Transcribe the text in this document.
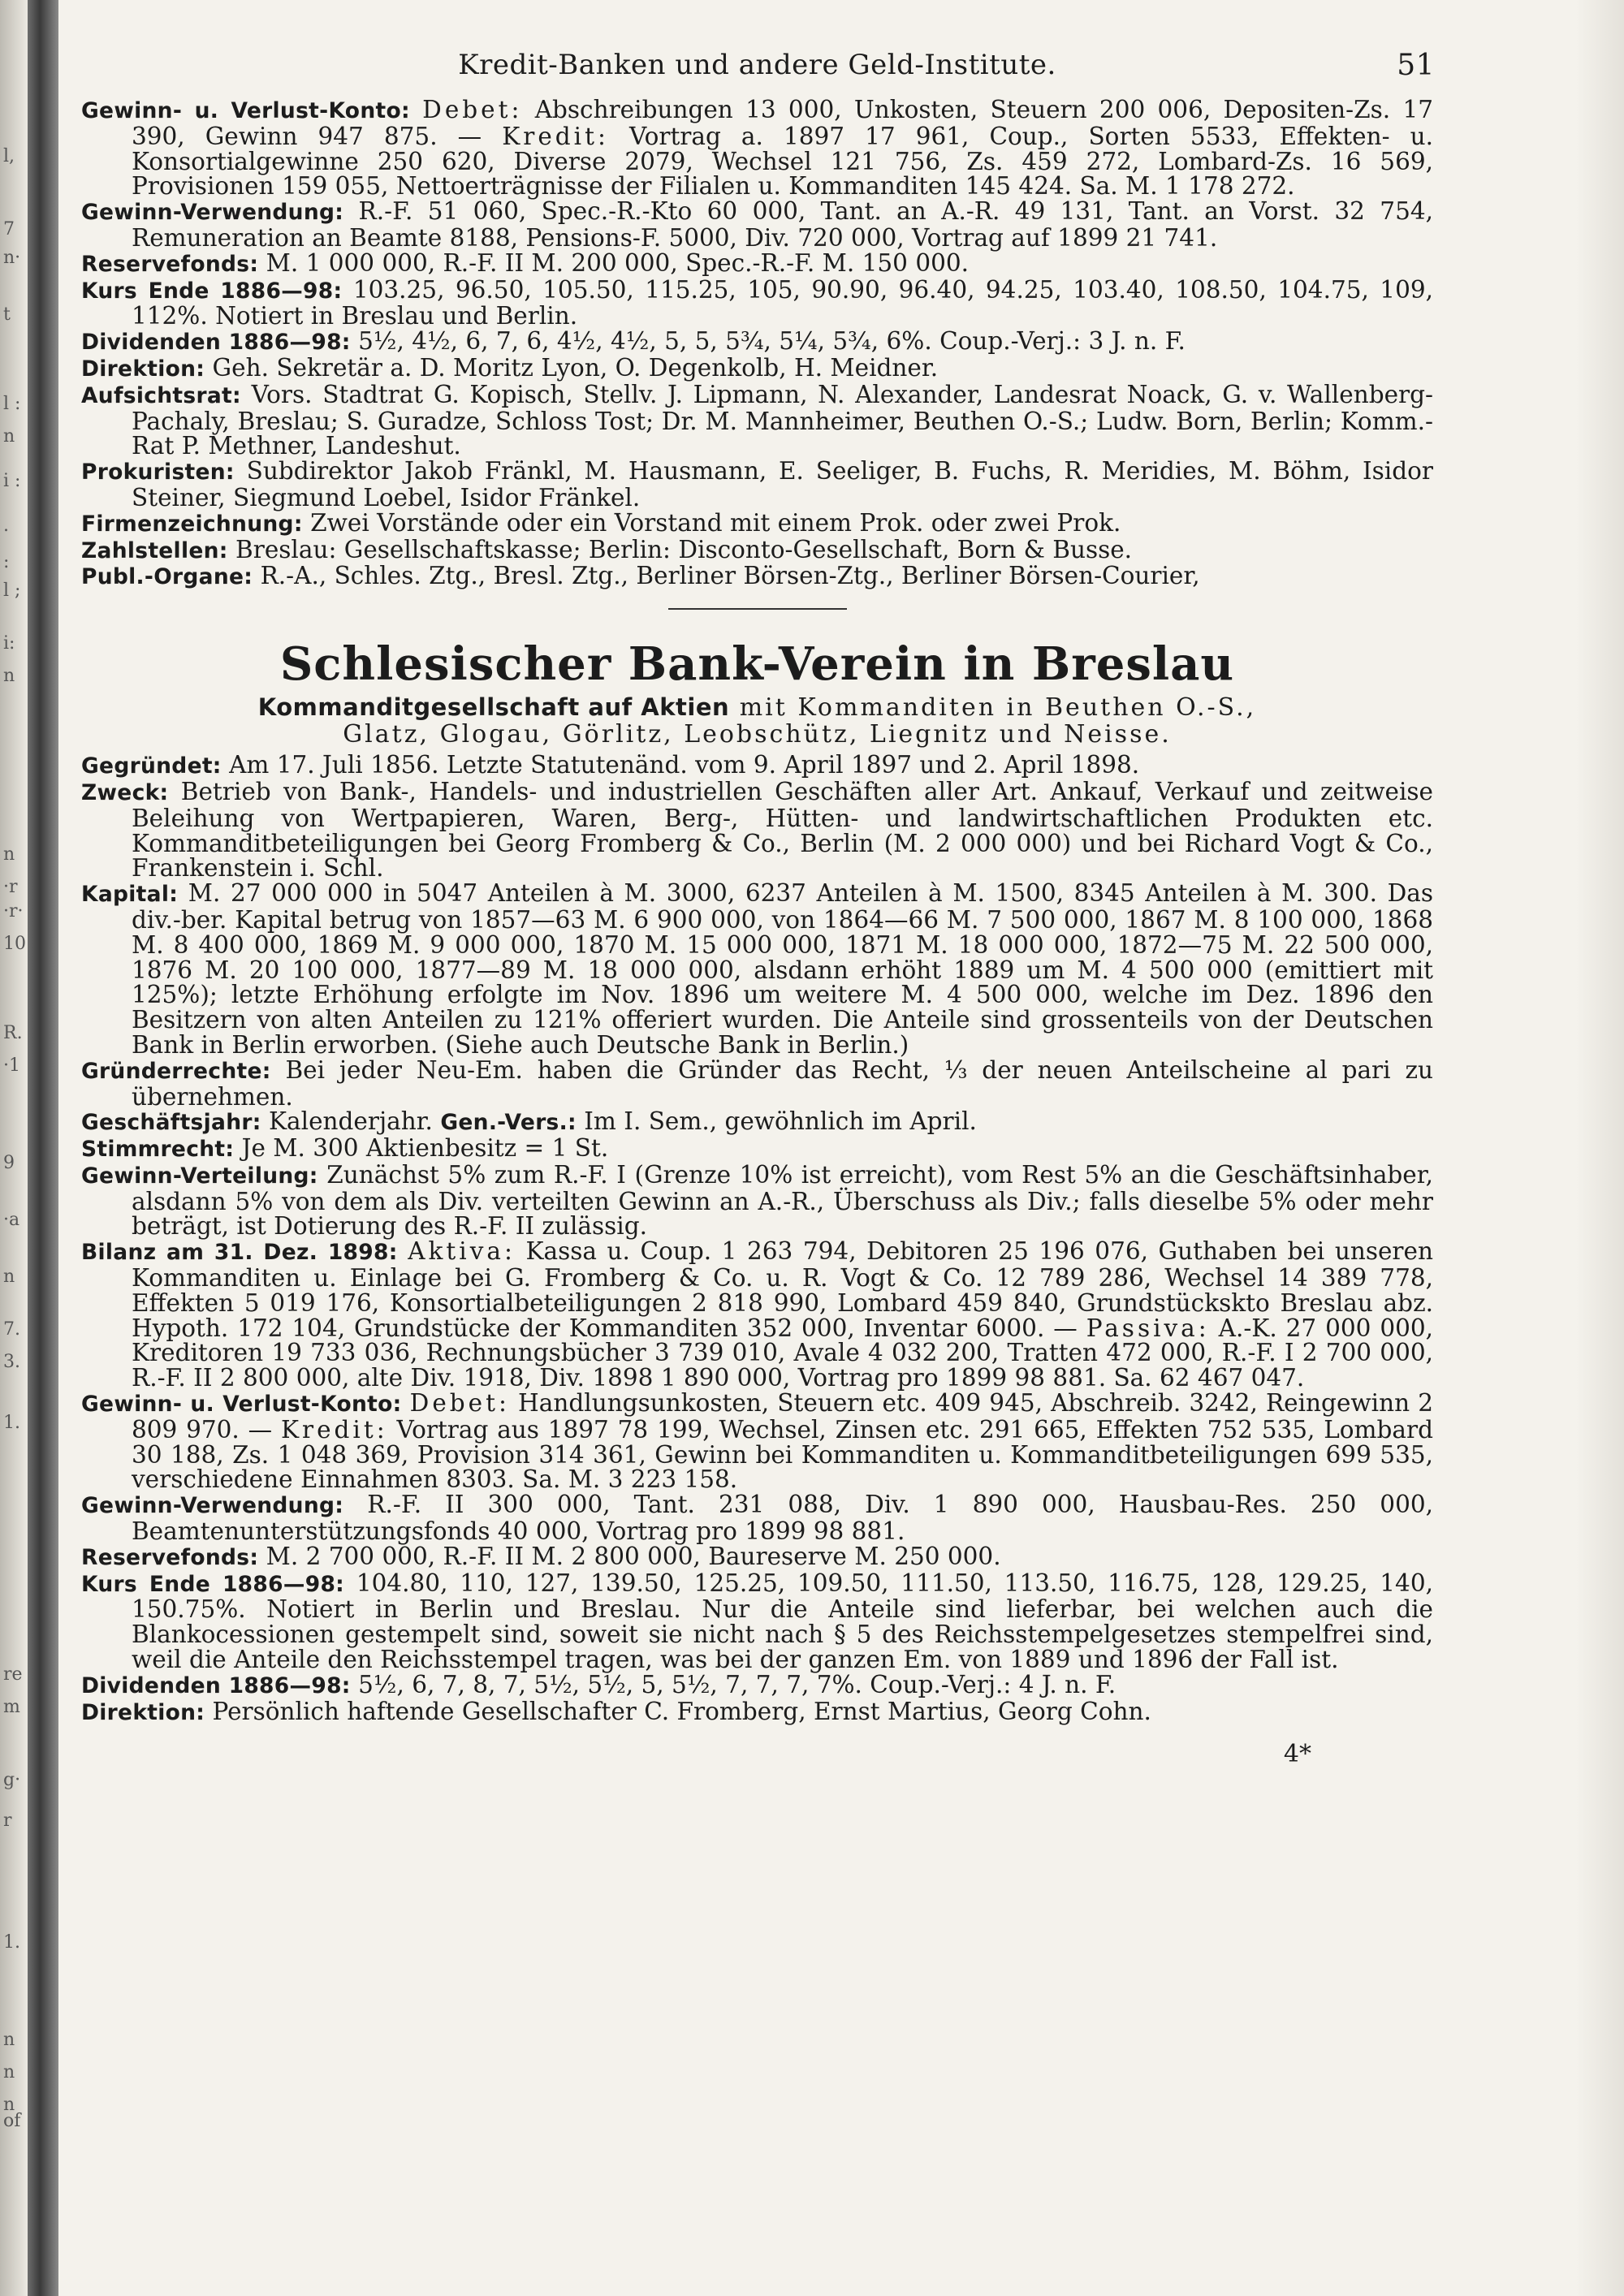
l,
7
n·
t
l :
n
i :
.
:
l ;
i:
n
n
·r
·r·
10
R.
·1
9
·a
n
7.
3.
1.
re
m
g·
r
1.
n
n
n
of
Kredit-Banken und andere Geld-Institute.	51

Gewinn- u. Verlust-Konto: Debet: Abschreibungen 13 000, Unkosten, Steuern 200 006, Depositen-Zs. 17 390, Gewinn 947 875. — Kredit: Vortrag a. 1897 17 961, Coup., Sorten 5533, Effekten- u. Konsortialgewinne 250 620, Diverse 2079, Wechsel 121 756, Zs. 459 272, Lombard-Zs. 16 569, Provisionen 159 055, Nettoerträgnisse der Filialen u. Kommanditen 145 424. Sa. M. 1 178 272.

Gewinn-Verwendung: R.-F. 51 060, Spec.-R.-Kto 60 000, Tant. an A.-R. 49 131, Tant. an Vorst. 32 754, Remuneration an Beamte 8188, Pensions-F. 5000, Div. 720 000, Vortrag auf 1899 21 741.

Reservefonds: M. 1 000 000, R.-F. II M. 200 000, Spec.-R.-F. M. 150 000.

Kurs Ende 1886—98: 103.25, 96.50, 105.50, 115.25, 105, 90.90, 96.40, 94.25, 103.40, 108.50, 104.75, 109, 112%. Notiert in Breslau und Berlin.

Dividenden 1886—98: 5½, 4½, 6, 7, 6, 4½, 4½, 5, 5, 5¾, 5¼, 5¾, 6%. Coup.-Verj.: 3 J. n. F.

Direktion: Geh. Sekretär a. D. Moritz Lyon, O. Degenkolb, H. Meidner.

Aufsichtsrat: Vors. Stadtrat G. Kopisch, Stellv. J. Lipmann, N. Alexander, Landesrat Noack, G. v. Wallenberg-Pachaly, Breslau; S. Guradze, Schloss Tost; Dr. M. Mannheimer, Beuthen O.-S.; Ludw. Born, Berlin; Komm.-Rat P. Methner, Landeshut.

Prokuristen: Subdirektor Jakob Fränkl, M. Hausmann, E. Seeliger, B. Fuchs, R. Meridies, M. Böhm, Isidor Steiner, Siegmund Loebel, Isidor Fränkel.

Firmenzeichnung: Zwei Vorstände oder ein Vorstand mit einem Prok. oder zwei Prok.

Zahlstellen: Breslau: Gesellschaftskasse; Berlin: Disconto-Gesellschaft, Born & Busse.

Publ.-Organe: R.-A., Schles. Ztg., Bresl. Ztg., Berliner Börsen-Ztg., Berliner Börsen-Courier,

Schlesischer Bank-Verein in Breslau

Kommanditgesellschaft auf Aktien mit Kommanditen in Beuthen O.-S.,
Glatz, Glogau, Görlitz, Leobschütz, Liegnitz und Neisse.

Gegründet: Am 17. Juli 1856. Letzte Statutenänd. vom 9. April 1897 und 2. April 1898.

Zweck: Betrieb von Bank-, Handels- und industriellen Geschäften aller Art. Ankauf, Verkauf und zeitweise Beleihung von Wertpapieren, Waren, Berg-, Hütten- und landwirtschaftlichen Produkten etc. Kommanditbeteiligungen bei Georg Fromberg & Co., Berlin (M. 2 000 000) und bei Richard Vogt & Co., Frankenstein i. Schl.

Kapital: M. 27 000 000 in 5047 Anteilen à M. 3000, 6237 Anteilen à M. 1500, 8345 Anteilen à M. 300. Das div.-ber. Kapital betrug von 1857—63 M. 6 900 000, von 1864—66 M. 7 500 000, 1867 M. 8 100 000, 1868 M. 8 400 000, 1869 M. 9 000 000, 1870 M. 15 000 000, 1871 M. 18 000 000, 1872—75 M. 22 500 000, 1876 M. 20 100 000, 1877—89 M. 18 000 000, alsdann erhöht 1889 um M. 4 500 000 (emittiert mit 125%); letzte Erhöhung erfolgte im Nov. 1896 um weitere M. 4 500 000, welche im Dez. 1896 den Besitzern von alten Anteilen zu 121% offeriert wurden. Die Anteile sind grossenteils von der Deutschen Bank in Berlin erworben. (Siehe auch Deutsche Bank in Berlin.)

Gründerrechte: Bei jeder Neu-Em. haben die Gründer das Recht, ⅓ der neuen Anteilscheine al pari zu übernehmen.

Geschäftsjahr: Kalenderjahr. Gen.-Vers.: Im I. Sem., gewöhnlich im April.

Stimmrecht: Je M. 300 Aktienbesitz = 1 St.

Gewinn-Verteilung: Zunächst 5% zum R.-F. I (Grenze 10% ist erreicht), vom Rest 5% an die Geschäftsinhaber, alsdann 5% von dem als Div. verteilten Gewinn an A.-R., Überschuss als Div.; falls dieselbe 5% oder mehr beträgt, ist Dotierung des R.-F. II zulässig.

Bilanz am 31. Dez. 1898: Aktiva: Kassa u. Coup. 1 263 794, Debitoren 25 196 076, Guthaben bei unseren Kommanditen u. Einlage bei G. Fromberg & Co. u. R. Vogt & Co. 12 789 286, Wechsel 14 389 778, Effekten 5 019 176, Konsortialbeteiligungen 2 818 990, Lombard 459 840, Grundstückskto Breslau abz. Hypoth. 172 104, Grundstücke der Kommanditen 352 000, Inventar 6000. — Passiva: A.-K. 27 000 000, Kreditoren 19 733 036, Rechnungsbücher 3 739 010, Avale 4 032 200, Tratten 472 000, R.-F. I 2 700 000, R.-F. II 2 800 000, alte Div. 1918, Div. 1898 1 890 000, Vortrag pro 1899 98 881. Sa. 62 467 047.

Gewinn- u. Verlust-Konto: Debet: Handlungsunkosten, Steuern etc. 409 945, Abschreib. 3242, Reingewinn 2 809 970. — Kredit: Vortrag aus 1897 78 199, Wechsel, Zinsen etc. 291 665, Effekten 752 535, Lombard 30 188, Zs. 1 048 369, Provision 314 361, Gewinn bei Kommanditen u. Kommanditbeteiligungen 699 535, verschiedene Einnahmen 8303. Sa. M. 3 223 158.

Gewinn-Verwendung: R.-F. II 300 000, Tant. 231 088, Div. 1 890 000, Hausbau-Res. 250 000, Beamtenunterstützungsfonds 40 000, Vortrag pro 1899 98 881.

Reservefonds: M. 2 700 000, R.-F. II M. 2 800 000, Baureserve M. 250 000.

Kurs Ende 1886—98: 104.80, 110, 127, 139.50, 125.25, 109.50, 111.50, 113.50, 116.75, 128, 129.25, 140, 150.75%. Notiert in Berlin und Breslau. Nur die Anteile sind lieferbar, bei welchen auch die Blankocessionen gestempelt sind, soweit sie nicht nach § 5 des Reichsstempelgesetzes stempelfrei sind, weil die Anteile den Reichsstempel tragen, was bei der ganzen Em. von 1889 und 1896 der Fall ist.

Dividenden 1886—98: 5½, 6, 7, 8, 7, 5½, 5½, 5, 5½, 7, 7, 7, 7%. Coup.-Verj.: 4 J. n. F.

Direktion: Persönlich haftende Gesellschafter C. Fromberg, Ernst Martius, Georg Cohn.

4*
